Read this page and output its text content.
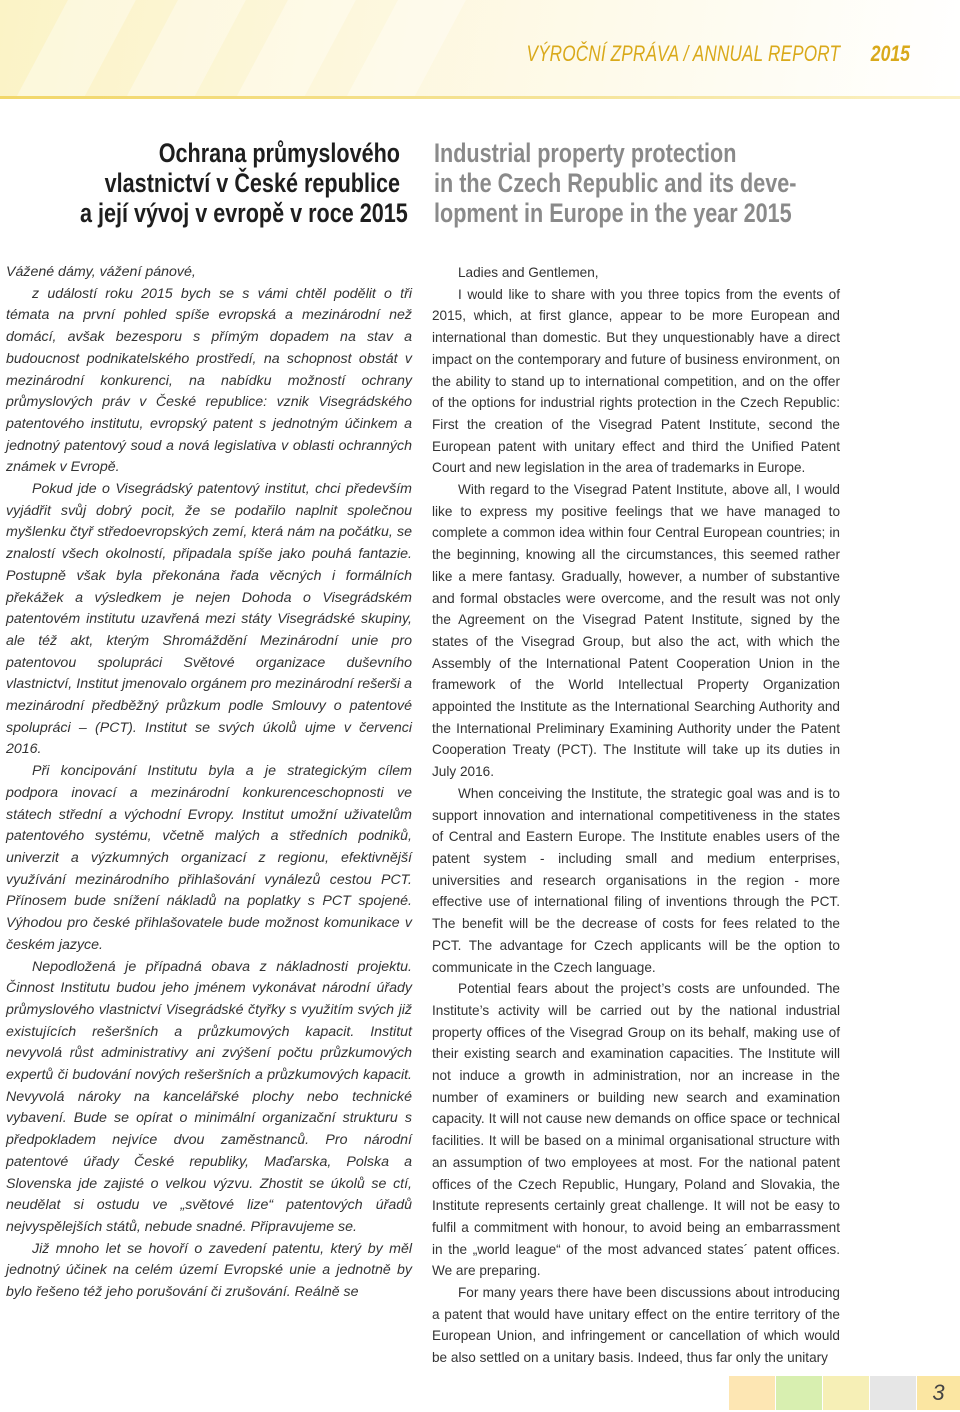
VÝROČNÍ ZPRÁVA / ANNUAL REPORT 2015
Ochrana průmyslového
vlastnictví v České republice
a její vývoj v evropě v roce 2015
Industrial property protection
in the Czech Republic and its deve-
lopment in Europe in the year 2015

Vážené dámy, vážení pánové,

z událostí roku 2015 bych se s vámi chtěl podělit o tři témata na první pohled spíše evropská a mezinárodní než domácí, avšak bezesporu s přímým dopadem na stav a budoucnost podnikatelského prostředí, na schopnost obstát v mezinárodní konkurenci, na nabídku možností ochrany průmyslových práv v České republice: vznik Visegrádského patentového institutu, evropský patent s jednotným účinkem a jednotný patentový soud a nová legislativa v oblasti ochranných známek v Evropě.

Pokud jde o Visegrádský patentový institut, chci především vyjádřit svůj dobrý pocit, že se podařilo naplnit společnou myšlenku čtyř středoevropských zemí, která nám na počátku, se znalostí všech okolností, připadala spíše jako pouhá fantazie. Postupně však byla překonána řada věcných i formálních překážek a výsledkem je nejen Dohoda o Visegrádském patentovém institutu uzavřená mezi státy Visegrádské skupiny, ale též akt, kterým Shromáždění Mezinárodní unie pro patentovou spolupráci Světové organizace duševního vlastnictví, Institut jmenovalo orgánem pro mezinárodní rešerši a mezinárodní předběžný průzkum podle Smlouvy o patentové spolupráci – (PCT). Institut se svých úkolů ujme v červenci 2016.

Při koncipování Institutu byla a je strategickým cílem podpora inovací a mezinárodní konkurenceschopnosti ve státech střední a východní Evropy. Institut umožní uživatelům patentového systému, včetně malých a středních podniků, univerzit a výzkumných organizací z regionu, efektivnější využívání mezinárodního přihlašování vynálezů cestou PCT. Přínosem bude snížení nákladů na poplatky s PCT spojené. Výhodou pro české přihlašovatele bude možnost komunikace v českém jazyce.

Nepodložená je případná obava z nákladnosti projektu. Činnost Institutu budou jeho jménem vykonávat národní úřady průmyslového vlastnictví Visegrádské čtyřky s využitím svých již existujících rešeršních a průzkumových kapacit. Institut nevyvolá růst administrativy ani zvýšení počtu průzkumových expertů či budování nových rešeršních a průzkumových kapacit. Nevyvolá nároky na kancelářské plochy nebo technické vybavení. Bude se opírat o minimální organizační strukturu s předpokladem nejvíce dvou zaměstnanců. Pro národní patentové úřady České republiky, Maďarska, Polska a Slovenska jde zajisté o velkou výzvu. Zhostit se úkolů se ctí, neudělat si ostudu ve „světové lize“ patentových úřadů nejvyspělejších států, nebude snadné. Připravujeme se.

Již mnoho let se hovoří o zavedení patentu, který by měl jednotný účinek na celém území Evropské unie a jednotně by bylo řešeno též jeho porušování či zrušování. Reálně se

Ladies and Gentlemen,

I would like to share with you three topics from the events of 2015, which, at first glance, appear to be more European and international than domestic. But they unquestionably have a direct impact on the contemporary and future of business environment, on the ability to stand up to international competition, and on the offer of the options for industrial rights protection in the Czech Republic: First the creation of the Visegrad Patent Institute, second the European patent with unitary effect and third the Unified Patent Court and new legislation in the area of trademarks in Europe.

With regard to the Visegrad Patent Institute, above all, I would like to express my positive feelings that we have managed to complete a common idea within four Central European countries; in the beginning, knowing all the circumstances, this seemed rather like a mere fantasy. Gradually, however, a number of substantive and formal obstacles were overcome, and the result was not only the Agreement on the Visegrad Patent Institute, signed by the states of the Visegrad Group, but also the act, with which the Assembly of the International Patent Cooperation Union in the framework of the World Intellectual Property Organization appointed the Institute as the International Searching Authority and the International Preliminary Examining Authority under the Patent Cooperation Treaty (PCT). The Institute will take up its duties in July 2016.

When conceiving the Institute, the strategic goal was and is to support innovation and international competitiveness in the states of Central and Eastern Europe. The Institute enables users of the patent system - including small and medium enterprises, universities and research organisations in the region - more effective use of international filing of inventions through the PCT. The benefit will be the decrease of costs for fees related to the PCT. The advantage for Czech applicants will be the option to communicate in the Czech language.

Potential fears about the project’s costs are unfounded. The Institute’s activity will be carried out by the national industrial property offices of the Visegrad Group on its behalf, making use of their existing search and examination capacities. The Institute will not induce a growth in administration, nor an increase in the number of examiners or building new search and examination capacity. It will not cause new demands on office space or technical facilities. It will be based on a minimal organisational structure with an assumption of two employees at most. For the national patent offices of the Czech Republic, Hungary, Poland and Slovakia, the Institute represents certainly great challenge. It will not be easy to fulfil a commitment with honour, to avoid being an embarrassment in the „world league“ of the most advanced states´ patent offices. We are preparing.

For many years there have been discussions about introducing a patent that would have unitary effect on the entire territory of the European Union, and infringement or cancellation of which would be also settled on a unitary basis. Indeed, thus far only the unitary

3
